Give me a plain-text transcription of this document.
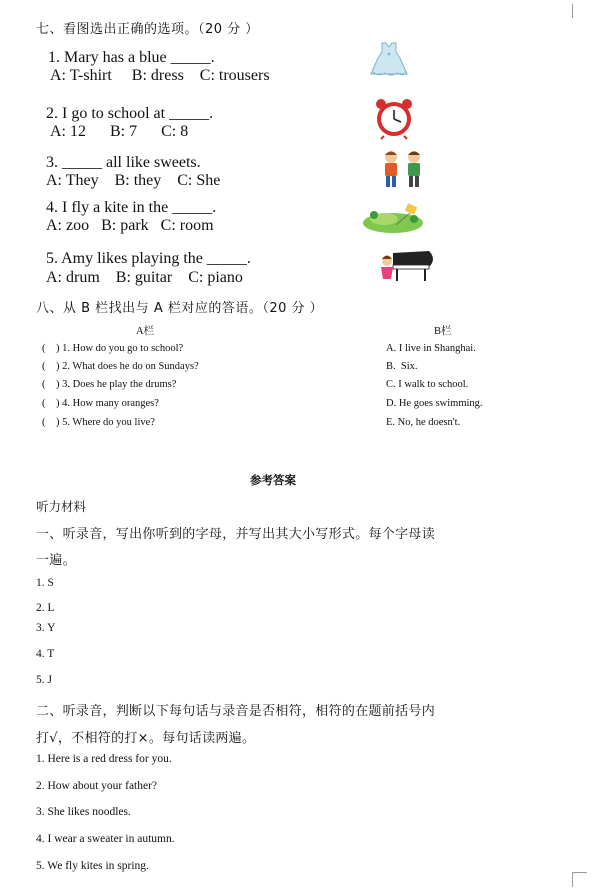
七、看图选出正确的选项。（20 分 ）
1. Mary has a blue _____.
A: T-shirt     B: dress    C: trousers
2. I go to school at _____.
A: 12      B: 7      C: 8
3. _____ all like sweets.
A: They    B: they    C: She
4. I fly a kite in the _____.
A: zoo   B: park   C: room
5. Amy likes playing the _____.
A: drum    B: guitar    C: piano
八、从 B 栏找出与 A 栏对应的答语。（20 分 ）
A栏	B栏
(    ) 1. How do you go to school?
(    ) 2. What does he do on Sundays?
(    ) 3. Does he play the drums?
(    ) 4. How many oranges?
(    ) 5. Where do you live?
A. I live in Shanghai.
B.  Six.
C. I walk to school.
D. He goes swimming.
E. No, he doesn't.
参考答案
听力材料
一、听录音，写出你听到的字母，并写出其大小写形式。每个字母读
一遍。
1. S
2. L
3. Y
4. T
5. J
二、听录音，判断以下每句话与录音是否相符，相符的在题前括号内
打√，不相符的打×。每句话读两遍。
1. Here is a red dress for you.
2. How about your father?
3. She likes noodles.
4. I wear a sweater in autumn.
5. We fly kites in spring.
